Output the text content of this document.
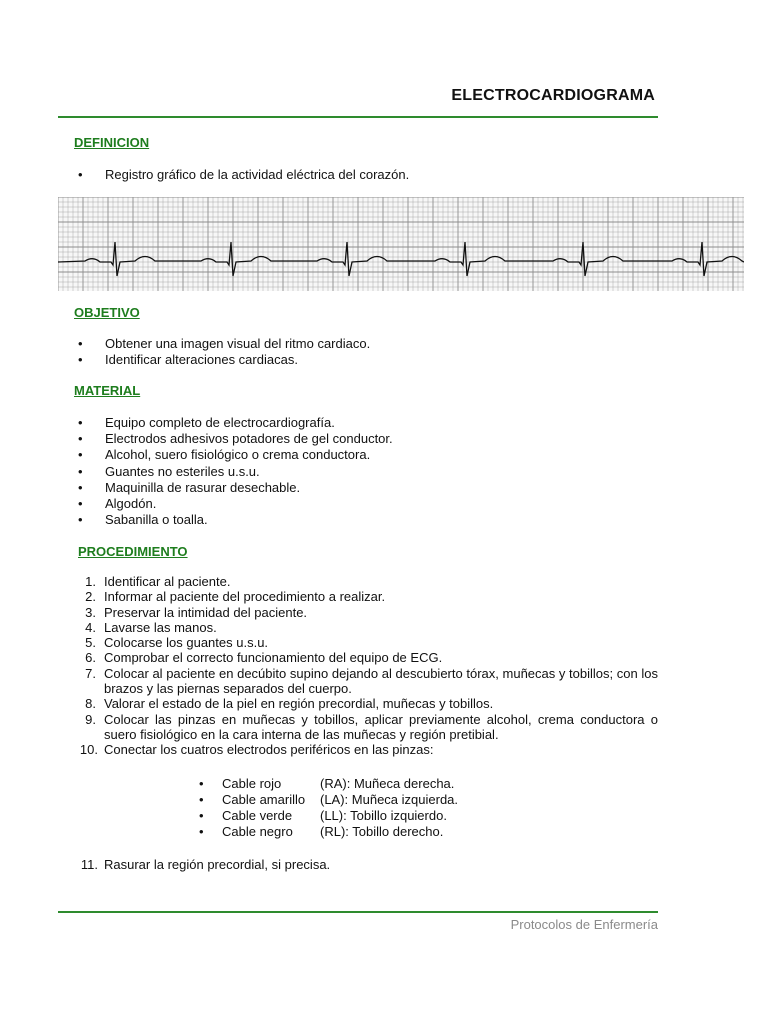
ELECTROCARDIOGRAMA
DEFINICION
• Registro gráfico de la actividad eléctrica del corazón.
OBJETIVO
• Obtener una imagen visual del ritmo cardiaco.
• Identificar alteraciones cardiacas.
MATERIAL
• Equipo completo de electrocardiografía.
• Electrodos adhesivos potadores de gel conductor.
• Alcohol, suero fisiológico o crema conductora.
• Guantes no esteriles u.s.u.
• Maquinilla de rasurar desechable.
• Algodón.
• Sabanilla o toalla.
PROCEDIMIENTO
1. Identificar al paciente.
2. Informar al paciente del procedimiento a realizar.
3. Preservar la intimidad del paciente.
4. Lavarse las manos.
5. Colocarse los guantes u.s.u.
6. Comprobar el correcto funcionamiento del equipo de ECG.
7. Colocar al paciente en decúbito supino dejando al descubierto tórax, muñecas y tobillos; con los brazos y las piernas separados del cuerpo.
8. Valorar el estado de la piel en región precordial, muñecas y tobillos.
9. Colocar las pinzas en muñecas y tobillos, aplicar previamente alcohol, crema conductora o suero fisiológico en la cara interna de las muñecas y región pretibial.
10. Conectar los cuatros electrodos periféricos en las pinzas:
• Cable rojo	(RA): Muñeca derecha.
• Cable amarillo (LA): Muñeca izquierda.
• Cable verde (LL): Tobillo izquierdo.
• Cable negro (RL): Tobillo derecho.
11. Rasurar la región precordial, si precisa.
Protocolos de Enfermería
